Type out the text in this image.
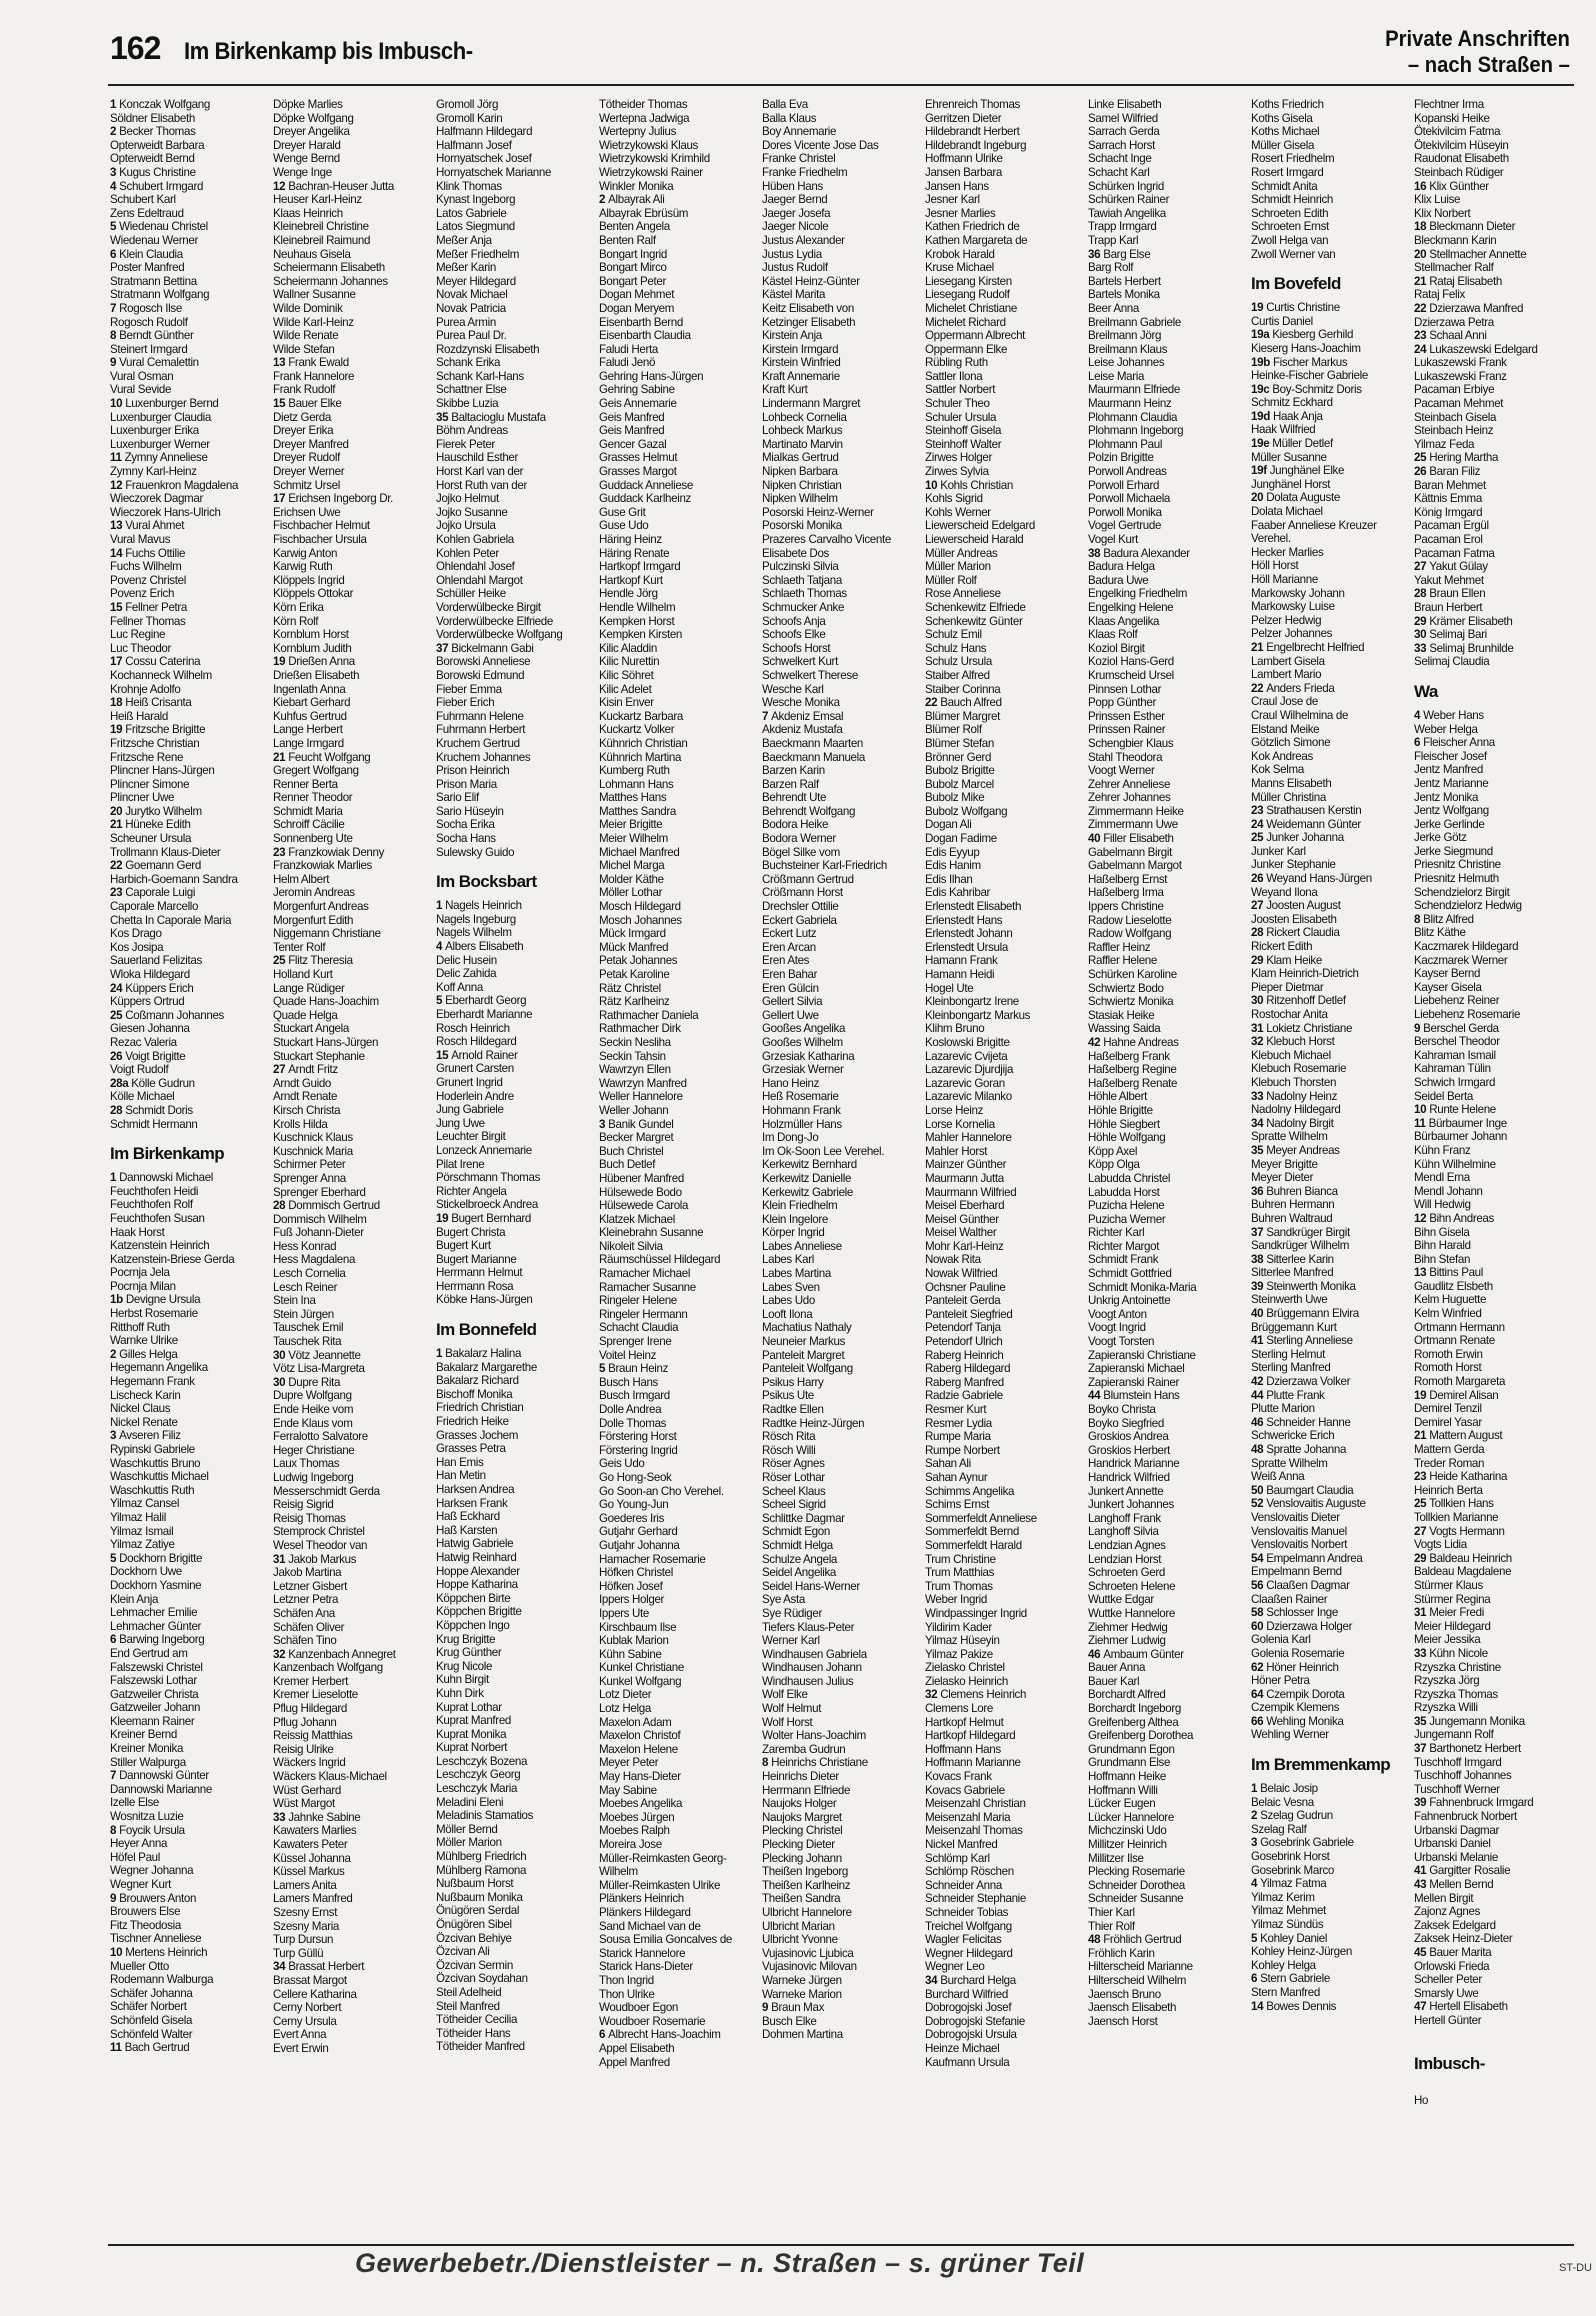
162 Im Birkenkamp bis Imbusch-	Private Anschriften
– nach Straßen –
1 Konczak Wolfgang
Söldner Elisabeth
2 Becker Thomas
Opterweidt Barbara
Opterweidt Bernd
3 Kugus Christine
4 Schubert Irmgard
Schubert Karl
Zens Edeltraud
5 Wiedenau Christel
Wiedenau Werner
6 Klein Claudia
Poster Manfred
Stratmann Bettina
Stratmann Wolfgang
7 Rogosch Ilse
Rogosch Rudolf
8 Berndt Günther
Steinert Irmgard
9 Vural Cemalettin
Vural Osman
Vural Sevide
10 Luxenburger Bernd
Luxenburger Claudia
Luxenburger Erika
Luxenburger Werner
11 Zymny Anneliese
Zymny Karl-Heinz
12 Frauenkron Magdalena
Wieczorek Dagmar
Wieczorek Hans-Ulrich
13 Vural Ahmet
Vural Mavus
14 Fuchs Ottilie
Fuchs Wilhelm
Povenz Christel
Povenz Erich
15 Fellner Petra
Fellner Thomas
Luc Regine
Luc Theodor
17 Cossu Caterina
Kochanneck Wilhelm
Krohnje Adolfo
18 Heiß Crisanta
Heiß Harald
19 Fritzsche Brigitte
Fritzsche Christian
Fritzsche Rene
Plincner Hans-Jürgen
Plincner Simone
Plincner Uwe
20 Jurytko Wilhelm
21 Hüneke Edith
Scheuner Ursula
Trollmann Klaus-Dieter
22 Goemann Gerd
Harbich-Goemann Sandra
23 Caporale Luigi
Caporale Marcello
Chetta In Caporale Maria
Kos Drago
Kos Josipa
Sauerland Felizitas
Wloka Hildegard
24 Küppers Erich
Küppers Ortrud
25 Coßmann Johannes
Giesen Johanna
Rezac Valeria
26 Voigt Brigitte
Voigt Rudolf
28a Kölle Gudrun
Kölle Michael
28 Schmidt Doris
Schmidt Hermann
Im Birkenkamp
1 Dannowski Michael
Feuchthofen Heidi
Feuchthofen Rolf
Feuchthofen Susan
Haak Horst
Katzenstein Heinrich
Katzenstein-Briese Gerda
Pocrnja Jela
Pocrnja Milan
1b Devigne Ursula
Herbst Rosemarie
Ritthoff Ruth
Warnke Ulrike
2 Gilles Helga
Hegemann Angelika
Hegemann Frank
Lischeck Karin
Nickel Claus
Nickel Renate
3 Avseren Filiz
Rypinski Gabriele
Waschkuttis Bruno
Waschkuttis Michael
Waschkuttis Ruth
Yilmaz Cansel
Yilmaz Halil
Yilmaz Ismail
Yilmaz Zatiye
5 Dockhorn Brigitte
Dockhorn Uwe
Dockhorn Yasmine
Klein Anja
Lehmacher Emilie
Lehmacher Günter
6 Barwing Ingeborg
End Gertrud am
Falszewski Christel
Falszewski Lothar
Gatzweiler Christa
Gatzweiler Johann
Kleemann Rainer
Kreiner Bernd
Kreiner Monika
Stiller Walpurga
7 Dannowski Günter
Dannowski Marianne
Izelle Else
Wosnitza Luzie
8 Foycik Ursula
Heyer Anna
Höfel Paul
Wegner Johanna
Wegner Kurt
9 Brouwers Anton
Brouwers Else
Fitz Theodosia
Tischner Anneliese
10 Mertens Heinrich
Mueller Otto
Rodemann Walburga
Schäfer Johanna
Schäfer Norbert
Schönfeld Gisela
Schönfeld Walter
11 Bach Gertrud
Döpke Marlies
Döpke Wolfgang
Dreyer Angelika
Dreyer Harald
Wenge Bernd
Wenge Inge
12 Bachran-Heuser Jutta
Heuser Karl-Heinz
Klaas Heinrich
Kleinebreil Christine
Kleinebreil Raimund
Neuhaus Gisela
Scheiermann Elisabeth
Scheiermann Johannes
Wallner Susanne
Wilde Dominik
Wilde Karl-Heinz
Wilde Renate
Wilde Stefan
13 Frank Ewald
Frank Hannelore
Frank Rudolf
15 Bauer Elke
Dietz Gerda
Dreyer Erika
Dreyer Manfred
Dreyer Rudolf
Dreyer Werner
Schmitz Ursel
17 Erichsen Ingeborg Dr.
Erichsen Uwe
Fischbacher Helmut
Fischbacher Ursula
Karwig Anton
Karwig Ruth
Klöppels Ingrid
Klöppels Ottokar
Körn Erika
Körn Rolf
Kornblum Horst
Kornblum Judith
19 Drießen Anna
Drießen Elisabeth
Ingenlath Anna
Kiebart Gerhard
Kuhfus Gertrud
Lange Herbert
Lange Irmgard
21 Feucht Wolfgang
Gregert Wolfgang
Renner Berta
Renner Theodor
Schmidt Maria
Schroiff Cäcilie
Sonnenberg Ute
23 Franzkowiak Denny
Franzkowiak Marlies
Helm Albert
Jeromin Andreas
Morgenfurt Andreas
Morgenfurt Edith
Niggemann Christiane
Tenter Rolf
25 Flitz Theresia
Holland Kurt
Lange Rüdiger
Quade Hans-Joachim
Quade Helga
Stuckart Angela
Stuckart Hans-Jürgen
Stuckart Stephanie
27 Arndt Fritz
Arndt Guido
Arndt Renate
Kirsch Christa
Krolls Hilda
Kuschnick Klaus
Kuschnick Maria
Schirmer Peter
Sprenger Anna
Sprenger Eberhard
28 Dommisch Gertrud
Dommisch Wilhelm
Fuß Johann-Dieter
Hess Konrad
Hess Magdalena
Lesch Cornelia
Lesch Reiner
Stein Ina
Stein Jürgen
Tauschek Emil
Tauschek Rita
30 Vötz Jeannette
Vötz Lisa-Margreta
30 Dupre Rita
Dupre Wolfgang
Ende Heike vom
Ende Klaus vom
Ferralotto Salvatore
Heger Christiane
Laux Thomas
Ludwig Ingeborg
Messerschmidt Gerda
Reisig Sigrid
Reisig Thomas
Stemprock Christel
Wesel Theodor van
31 Jakob Markus
Jakob Martina
Letzner Gisbert
Letzner Petra
Schäfen Ana
Schäfen Oliver
Schäfen Tino
32 Kanzenbach Annegret
Kanzenbach Wolfgang
Kremer Herbert
Kremer Lieselotte
Pflug Hildegard
Pflug Johann
Reissig Matthias
Reisig Ulrike
Wäckers Ingrid
Wäckers Klaus-Michael
Wüst Gerhard
Wüst Margot
33 Jahnke Sabine
Kawaters Marlies
Kawaters Peter
Küssel Johanna
Küssel Markus
Lamers Anita
Lamers Manfred
Szesny Ernst
Szesny Maria
Turp Dursun
Turp Güllü
34 Brassat Herbert
Brassat Margot
Cellere Katharina
Cerny Norbert
Cerny Ursula
Evert Anna
Evert Erwin
Gromoll Jörg
Gromoll Karin
Halfmann Hildegard
Halfmann Josef
Hornyatschek Josef
Hornyatschek Marianne
Klink Thomas
Kynast Ingeborg
Latos Gabriele
Latos Siegmund
Meßer Anja
Meßer Friedhelm
Meßer Karin
Meyer Hildegard
Novak Michael
Novak Patricia
Purea Armin
Purea Paul Dr.
Rozdzynski Elisabeth
Schank Erika
Schank Karl-Hans
Schattner Else
Skibbe Luzia
35 Baltacioglu Mustafa
Böhm Andreas
Fierek Peter
Hauschild Esther
Horst Karl van der
Horst Ruth van der
Jojko Helmut
Jojko Susanne
Jojko Ursula
Kohlen Gabriela
Kohlen Peter
Ohlendahl Josef
Ohlendahl Margot
Schüller Heike
Vorderwülbecke Birgit
Vorderwülbecke Elfriede
Vorderwülbecke Wolfgang
37 Bickelmann Gabi
Borowski Anneliese
Borowski Edmund
Fieber Emma
Fieber Erich
Fuhrmann Helene
Fuhrmann Herbert
Kruchem Gertrud
Kruchem Johannes
Prison Heinrich
Prison Maria
Sario Elif
Sario Hüseyin
Socha Erika
Socha Hans
Sulewsky Guido
Im Bocksbart
1 Nagels Heinrich
Nagels Ingeburg
Nagels Wilhelm
4 Albers Elisabeth
Delic Husein
Delic Zahida
Koff Anna
5 Eberhardt Georg
Eberhardt Marianne
Rosch Heinrich
Rosch Hildegard
15 Arnold Rainer
Grunert Carsten
Grunert Ingrid
Hoderlein Andre
Jung Gabriele
Jung Uwe
Leuchter Birgit
Lonzeck Annemarie
Pilat Irene
Pörschmann Thomas
Richter Angela
Stickelbroeck Andrea
19 Bugert Bernhard
Bugert Christa
Bugert Kurt
Bugert Marianne
Herrmann Helmut
Herrmann Rosa
Köbke Hans-Jürgen
Im Bonnefeld
1 Bakalarz Halina
Bakalarz Margarethe
Bakalarz Richard
Bischoff Monika
Friedrich Christian
Friedrich Heike
Grasses Jochem
Grasses Petra
Han Emis
Han Metin
Harksen Andrea
Harksen Frank
Haß Eckhard
Haß Karsten
Hatwig Gabriele
Hatwig Reinhard
Hoppe Alexander
Hoppe Katharina
Köppchen Birte
Köppchen Brigitte
Köppchen Ingo
Krug Brigitte
Krug Günther
Krug Nicole
Kuhn Birgit
Kuhn Dirk
Kuprat Lothar
Kuprat Manfred
Kuprat Monika
Kuprat Norbert
Leschczyk Bozena
Leschczyk Georg
Leschczyk Maria
Meladini Eleni
Meladinis Stamatios
Möller Bernd
Möller Marion
Mühlberg Friedrich
Mühlberg Ramona
Nußbaum Horst
Nußbaum Monika
Önügören Serdal
Önügören Sibel
Özcivan Behiye
Özcivan Ali
Özcivan Sermin
Özcivan Soydahan
Steil Adelheid
Steil Manfred
Tötheider Cecilia
Tötheider Hans
Tötheider Manfred
Tötheider Thomas
Wertepna Jadwiga
Wertepny Julius
Wietrzykowski Klaus
Wietrzykowski Krimhild
Wietrzykowski Rainer
Winkler Monika
2 Albayrak Ali
Albayrak Ebrüsüm
Benten Angela
Benten Ralf
Bongart Ingrid
Bongart Mirco
Bongart Peter
Dogan Mehmet
Dogan Meryem
Eisenbarth Bernd
Eisenbarth Claudia
Faludi Herta
Faludi Jenö
Gehring Hans-Jürgen
Gehring Sabine
Geis Annemarie
Geis Manfred
Geis Manfred
Gencer Gazal
Grasses Helmut
Grasses Margot
Guddack Anneliese
Guddack Karlheinz
Guse Grit
Guse Udo
Häring Heinz
Häring Renate
Hartkopf Irmgard
Hartkopf Kurt
Hendle Jörg
Hendle Wilhelm
Kempken Horst
Kempken Kirsten
Kilic Aladdin
Kilic Nurettin
Kilic Söhret
Kilic Adelet
Kisin Enver
Kuckartz Barbara
Kuckartz Volker
Kühnrich Christian
Kühnrich Martina
Kumberg Ruth
Lohmann Hans
Matthes Hans
Matthes Sandra
Meier Brigitte
Meier Wilhelm
Michael Manfred
Michel Marga
Molder Käthe
Möller Lothar
Mosch Hildegard
Mosch Johannes
Mück Irmgard
Mück Manfred
Petak Johannes
Petak Karoline
Rätz Christel
Rätz Karlheinz
Rathmacher Daniela
Rathmacher Dirk
Seckin Nesliha
Seckin Tahsin
Wawrzyn Ellen
Wawrzyn Manfred
Weller Hannelore
Weller Johann
3 Banik Gundel
Becker Margret
Buch Christel
Buch Detlef
Hübener Manfred
Hülsewede Bodo
Hülsewede Carola
Klatzek Michael
Kleinebrahn Susanne
Nikoleit Silvia
Räumschüssel Hildegard
Ramacher Michael
Ramacher Susanne
Ringeler Helene
Ringeler Hermann
Schacht Claudia
Sprenger Irene
Voitel Heinz
5 Braun Heinz
Busch Hans
Busch Irmgard
Dolle Andrea
Dolle Thomas
Förstering Horst
Förstering Ingrid
Geis Udo
Go Hong-Seok
Go Soon-an Cho Verehel.
Go Young-Jun
Goederes Iris
Gutjahr Gerhard
Gutjahr Johanna
Hamacher Rosemarie
Höfken Christel
Höfken Josef
Ippers Holger
Ippers Ute
Kirschbaum Ilse
Kublak Marion
Kühn Sabine
Kunkel Christiane
Kunkel Wolfgang
Lotz Dieter
Lotz Helga
Maxelon Adam
Maxelon Christof
Maxelon Helene
Meyer Peter
May Hans-Dieter
May Sabine
Moebes Angelika
Moebes Jürgen
Moebes Ralph
Moreira Jose
Müller-Reimkasten Georg-
Wilhelm
Müller-Reimkasten Ulrike
Plänkers Heinrich
Plänkers Hildegard
Sand Michael van de
Sousa Emilia Goncalves de
Starick Hannelore
Starick Hans-Dieter
Thon Ingrid
Thon Ulrike
Woudboer Egon
Woudboer Rosemarie
6 Albrecht Hans-Joachim
Appel Elisabeth
Appel Manfred
Balla Eva
Balla Klaus
Boy Annemarie
Dores Vicente Jose Das
Franke Christel
Franke Friedhelm
Hüben Hans
Jaeger Bernd
Jaeger Josefa
Jaeger Nicole
Justus Alexander
Justus Lydia
Justus Rudolf
Kästel Heinz-Günter
Kästel Marita
Keitz Elisabeth von
Ketzinger Elisabeth
Kirstein Anja
Kirstein Irmgard
Kirstein Winfried
Kraft Annemarie
Kraft Kurt
Lindermann Margret
Lohbeck Cornelia
Lohbeck Markus
Martinato Marvin
Mialkas Gertrud
Nipken Barbara
Nipken Christian
Nipken Wilhelm
Posorski Heinz-Werner
Posorski Monika
Prazeres Carvalho Vicente
Elisabete Dos
Pulczinski Silvia
Schlaeth Tatjana
Schlaeth Thomas
Schmucker Anke
Schoofs Anja
Schoofs Elke
Schoofs Horst
Schwelkert Kurt
Schwelkert Therese
Wesche Karl
Wesche Monika
7 Akdeniz Emsal
Akdeniz Mustafa
Baeckmann Maarten
Baeckmann Manuela
Barzen Karin
Barzen Ralf
Behrendt Ute
Behrendt Wolfgang
Bodora Heike
Bodora Werner
Bögel Silke vom
Buchsteiner Karl-Friedrich
Crößmann Gertrud
Crößmann Horst
Drechsler Ottilie
Eckert Gabriela
Eckert Lutz
Eren Arcan
Eren Ates
Eren Bahar
Eren Gülcin
Gellert Silvia
Gellert Uwe
Gooßes Angelika
Gooßes Wilhelm
Grzesiak Katharina
Grzesiak Werner
Hano Heinz
Heß Rosemarie
Hohmann Frank
Holzmüller Hans
Im Dong-Jo
Im Ok-Soon Lee Verehel.
Kerkewitz Bernhard
Kerkewitz Danielle
Kerkewitz Gabriele
Klein Friedhelm
Klein Ingelore
Körper Ingrid
Labes Anneliese
Labes Karl
Labes Martina
Labes Sven
Labes Udo
Looft Ilona
Machatius Nathaly
Neuneier Markus
Panteleit Margret
Panteleit Wolfgang
Psikus Harry
Psikus Ute
Radtke Ellen
Radtke Heinz-Jürgen
Rösch Rita
Rösch Willi
Röser Agnes
Röser Lothar
Scheel Klaus
Scheel Sigrid
Schlittke Dagmar
Schmidt Egon
Schmidt Helga
Schulze Angela
Seidel Angelika
Seidel Hans-Werner
Sye Asta
Sye Rüdiger
Tiefers Klaus-Peter
Werner Karl
Windhausen Gabriela
Windhausen Johann
Windhausen Julius
Wolf Elke
Wolf Helmut
Wolf Horst
Wolter Hans-Joachim
Zaremba Gudrun
8 Heinrichs Christiane
Heinrichs Dieter
Herrmann Elfriede
Naujoks Holger
Naujoks Margret
Plecking Christel
Plecking Dieter
Plecking Johann
Theißen Ingeborg
Theißen Karlheinz
Theißen Sandra
Ulbricht Hannelore
Ulbricht Marian
Ulbricht Yvonne
Vujasinovic Ljubica
Vujasinovic Milovan
Warneke Jürgen
Warneke Marion
9 Braun Max
Busch Elke
Dohmen Martina
Ehrenreich Thomas
Gerritzen Dieter
Hildebrandt Herbert
Hildebrandt Ingeburg
Hoffmann Ulrike
Jansen Barbara
Jansen Hans
Jesner Karl
Jesner Marlies
Kathen Friedrich de
Kathen Margareta de
Krobok Harald
Kruse Michael
Liesegang Kirsten
Liesegang Rudolf
Michelet Christiane
Michelet Richard
Oppermann Albrecht
Oppermann Elke
Rübling Ruth
Sattler Ilona
Sattler Norbert
Schuler Theo
Schuler Ursula
Steinhoff Gisela
Steinhoff Walter
Zirwes Holger
Zirwes Sylvia
10 Kohls Christian
Kohls Sigrid
Kohls Werner
Liewerscheid Edelgard
Liewerscheid Harald
Müller Andreas
Müller Marion
Müller Rolf
Rose Anneliese
Schenkewitz Elfriede
Schenkewitz Günter
Schulz Emil
Schulz Hans
Schulz Ursula
Staiber Alfred
Staiber Corinna
22 Bauch Alfred
Blümer Margret
Blümer Rolf
Blümer Stefan
Brönner Gerd
Bubolz Brigitte
Bubolz Marcel
Bubolz Mike
Bubolz Wolfgang
Dogan Ali
Dogan Fadime
Edis Eyyup
Edis Hanim
Edis Ilhan
Edis Kahribar
Erlenstedt Elisabeth
Erlenstedt Hans
Erlenstedt Johann
Erlenstedt Ursula
Hamann Frank
Hamann Heidi
Hogel Ute
Kleinbongartz Irene
Kleinbongartz Markus
Klihm Bruno
Koslowski Brigitte
Lazarevic Cvijeta
Lazarevic Djurdjija
Lazarevic Goran
Lazarevic Milanko
Lorse Heinz
Lorse Kornelia
Mahler Hannelore
Mahler Horst
Mainzer Günther
Maurmann Jutta
Maurmann Wilfried
Meisel Eberhard
Meisel Günther
Meisel Walther
Mohr Karl-Heinz
Nowak Rita
Nowak Wilfried
Ochsner Pauline
Panteleit Gerda
Panteleit Siegfried
Petendorf Tanja
Petendorf Ulrich
Raberg Heinrich
Raberg Hildegard
Raberg Manfred
Radzie Gabriele
Resmer Kurt
Resmer Lydia
Rumpe Maria
Rumpe Norbert
Sahan Ali
Sahan Aynur
Schimms Angelika
Schims Ernst
Sommerfeldt Anneliese
Sommerfeldt Bernd
Sommerfeldt Harald
Trum Christine
Trum Matthias
Trum Thomas
Weber Ingrid
Windpassinger Ingrid
Yildirim Kader
Yilmaz Hüseyin
Yilmaz Pakize
Zielasko Christel
Zielasko Heinrich
32 Clemens Heinrich
Clemens Lore
Hartkopf Helmut
Hartkopf Hildegard
Hoffmann Hans
Hoffmann Marianne
Kovacs Frank
Kovacs Gabriele
Meisenzahl Christian
Meisenzahl Maria
Meisenzahl Thomas
Nickel Manfred
Schlömp Karl
Schlömp Röschen
Schneider Anna
Schneider Stephanie
Schneider Tobias
Treichel Wolfgang
Wagler Felicitas
Wegner Hildegard
Wegner Leo
34 Burchard Helga
Burchard Wilfried
Dobrogojski Josef
Dobrogojski Stefanie
Dobrogojski Ursula
Heinze Michael
Kaufmann Ursula
Linke Elisabeth
Samel Wilfried
Sarrach Gerda
Sarrach Horst
Schacht Inge
Schacht Karl
Schürken Ingrid
Schürken Rainer
Tawiah Angelika
Trapp Irmgard
Trapp Karl
36 Barg Else
Barg Rolf
Bartels Herbert
Bartels Monika
Beer Anna
Breilmann Gabriele
Breilmann Jörg
Breilmann Klaus
Leise Johannes
Leise Maria
Maurmann Elfriede
Maurmann Heinz
Plohmann Claudia
Plohmann Ingeborg
Plohmann Paul
Polzin Brigitte
Porwoll Andreas
Porwoll Erhard
Porwoll Michaela
Porwoll Monika
Vogel Gertrude
Vogel Kurt
38 Badura Alexander
Badura Helga
Badura Uwe
Engelking Friedhelm
Engelking Helene
Klaas Angelika
Klaas Rolf
Koziol Birgit
Koziol Hans-Gerd
Krumscheid Ursel
Pinnsen Lothar
Popp Günther
Prinssen Esther
Prinssen Rainer
Schengbier Klaus
Stahl Theodora
Voogt Werner
Zehrer Anneliese
Zehrer Johannes
Zimmermann Heike
Zimmermann Uwe
40 Filler Elisabeth
Gabelmann Birgit
Gabelmann Margot
Haßelberg Ernst
Haßelberg Irma
Ippers Christine
Radow Lieselotte
Radow Wolfgang
Raffler Heinz
Raffler Helene
Schürken Karoline
Schwiertz Bodo
Schwiertz Monika
Stasiak Heike
Wassing Saida
42 Hahne Andreas
Haßelberg Frank
Haßelberg Regine
Haßelberg Renate
Höhle Albert
Höhle Brigitte
Höhle Siegbert
Höhle Wolfgang
Köpp Axel
Köpp Olga
Labudda Christel
Labudda Horst
Puzicha Helene
Puzicha Werner
Richter Karl
Richter Margot
Schmidt Frank
Schmidt Gottfried
Schmidt Monika-Maria
Unkrig Antoinette
Voogt Anton
Voogt Ingrid
Voogt Torsten
Zapieranski Christiane
Zapieranski Michael
Zapieranski Rainer
44 Blumstein Hans
Boyko Christa
Boyko Siegfried
Groskios Andrea
Groskios Herbert
Handrick Marianne
Handrick Wilfried
Junkert Annette
Junkert Johannes
Langhoff Frank
Langhoff Silvia
Lendzian Agnes
Lendzian Horst
Schroeten Gerd
Schroeten Helene
Wuttke Edgar
Wuttke Hannelore
Ziehmer Hedwig
Ziehmer Ludwig
46 Ambaum Günter
Bauer Anna
Bauer Karl
Borchardt Alfred
Borchardt Ingeborg
Greifenberg Althea
Greifenberg Dorothea
Grundmann Egon
Grundmann Else
Hoffmann Heike
Hoffmann Willi
Lücker Eugen
Lücker Hannelore
Michczinski Udo
Millitzer Heinrich
Millitzer Ilse
Plecking Rosemarie
Schneider Dorothea
Schneider Susanne
Thier Karl
Thier Rolf
48 Fröhlich Gertrud
Fröhlich Karin
Hilterscheid Marianne
Hilterscheid Wilhelm
Jaensch Bruno
Jaensch Elisabeth
Jaensch Horst
Koths Friedrich
Koths Gisela
Koths Michael
Müller Gisela
Rosert Friedhelm
Rosert Irmgard
Schmidt Anita
Schmidt Heinrich
Schroeten Edith
Schroeten Ernst
Zwoll Helga van
Zwoll Werner van
Im Bovefeld
19 Curtis Christine
Curtis Daniel
19a Kiesberg Gerhild
Kieserg Hans-Joachim
19b Fischer Markus
Heinke-Fischer Gabriele
19c Boy-Schmitz Doris
Schmitz Eckhard
19d Haak Anja
Haak Wilfried
19e Müller Detlef
Müller Susanne
19f Junghänel Elke
Junghänel Horst
20 Dolata Auguste
Dolata Michael
Faaber Anneliese Kreuzer
Verehel.
Hecker Marlies
Höll Horst
Höll Marianne
Markowsky Johann
Markowsky Luise
Pelzer Hedwig
Pelzer Johannes
21 Engelbrecht Helfried
Lambert Gisela
Lambert Mario
22 Anders Frieda
Craul Jose de
Craul Wilhelmina de
Elstand Meike
Götzlich Simone
Kok Andreas
Kok Selma
Manns Elisabeth
Müller Christina
23 Strathausen Kerstin
24 Weidemann Günter
25 Junker Johanna
Junker Karl
Junker Stephanie
26 Weyand Hans-Jürgen
Weyand Ilona
27 Joosten August
Joosten Elisabeth
28 Rickert Claudia
Rickert Edith
29 Klam Heike
Klam Heinrich-Dietrich
Pieper Dietmar
30 Ritzenhoff Detlef
Rostochar Anita
31 Lokietz Christiane
32 Klebuch Horst
Klebuch Michael
Klebuch Rosemarie
Klebuch Thorsten
33 Nadolny Heinz
Nadolny Hildegard
34 Nadolny Birgit
Spratte Wilhelm
35 Meyer Andreas
Meyer Brigitte
Meyer Dieter
36 Buhren Bianca
Buhren Hermann
Buhren Waltraud
37 Sandkrüger Birgit
Sandkrüger Wilhelm
38 Sitterlee Karin
Sitterlee Manfred
39 Steinwerth Monika
Steinwerth Uwe
40 Brüggemann Elvira
Brüggemann Kurt
41 Sterling Anneliese
Sterling Helmut
Sterling Manfred
42 Dzierzawa Volker
44 Plutte Frank
Plutte Marion
46 Schneider Hanne
Schwericke Erich
48 Spratte Johanna
Spratte Wilhelm
Weiß Anna
50 Baumgart Claudia
52 Venslovaitis Auguste
Venslovaitis Dieter
Venslovaitis Manuel
Venslovaitis Norbert
54 Empelmann Andrea
Empelmann Bernd
56 Claaßen Dagmar
Claaßen Rainer
58 Schlosser Inge
60 Dzierzawa Holger
Golenia Karl
Golenia Rosemarie
62 Höner Heinrich
Höner Petra
64 Czempik Dorota
Czempik Klemens
66 Wehling Monika
Wehling Werner
Im Bremmenkamp
1 Belaic Josip
Belaic Vesna
2 Szelag Gudrun
Szelag Ralf
3 Gosebrink Gabriele
Gosebrink Horst
Gosebrink Marco
4 Yilmaz Fatma
Yilmaz Kerim
Yilmaz Mehmet
Yilmaz Sündüs
5 Kohley Daniel
Kohley Heinz-Jürgen
Kohley Helga
6 Stern Gabriele
Stern Manfred
14 Bowes Dennis
Flechtner Irma
Kopanski Heike
Ötekivilcim Fatma
Ötekivilcim Hüseyin
Raudonat Elisabeth
Steinbach Rüdiger
16 Klix Günther
Klix Luise
Klix Norbert
18 Bleckmann Dieter
Bleckmann Karin
20 Stellmacher Annette
Stellmacher Ralf
21 Rataj Elisabeth
Rataj Felix
22 Dzierzawa Manfred
Dzierzawa Petra
23 Schaal Anni
24 Lukaszewski Edelgard
Lukaszewski Frank
Lukaszewski Franz
Pacaman Erbiye
Pacaman Mehmet
Steinbach Gisela
Steinbach Heinz
Yilmaz Feda
25 Hering Martha
26 Baran Filiz
Baran Mehmet
Kättnis Emma
König Irmgard
Pacaman Ergül
Pacaman Erol
Pacaman Fatma
27 Yakut Gülay
Yakut Mehmet
28 Braun Ellen
Braun Herbert
29 Krämer Elisabeth
30 Selimaj Bari
33 Selimaj Brunhilde
Selimaj Claudia
Wa
4 Weber Hans
Weber Helga
6 Fleischer Anna
Fleischer Josef
Jentz Manfred
Jentz Marianne
Jentz Monika
Jentz Wolfgang
Jerke Gerlinde
Jerke Götz
Jerke Siegmund
Priesnitz Christine
Priesnitz Helmuth
Schendzielorz Birgit
Schendzielorz Hedwig
8 Blitz Alfred
Blitz Käthe
Kaczmarek Hildegard
Kaczmarek Werner
Kayser Bernd
Kayser Gisela
Liebehenz Reiner
Liebehenz Rosemarie
9 Berschel Gerda
Berschel Theodor
Kahraman Ismail
Kahraman Tülin
Schwich Irmgard
Seidel Berta
10 Runte Helene
11 Bürbaumer Inge
Bürbaumer Johann
Kühn Franz
Kühn Wilhelmine
Mendl Erna
Mendl Johann
Will Hedwig
12 Bihn Andreas
Bihn Gisela
Bihn Harald
Bihn Stefan
13 Bittins Paul
Gaudlitz Elsbeth
Kelm Huguette
Kelm Winfried
Ortmann Hermann
Ortmann Renate
Romoth Erwin
Romoth Horst
Romoth Margareta
19 Demirel Alisan
Demirel Tenzil
Demirel Yasar
21 Mattern August
Mattern Gerda
Treder Roman
23 Heide Katharina
Heinrich Berta
25 Tollkien Hans
Tollkien Marianne
27 Vogts Hermann
Vogts Lidia
29 Baldeau Heinrich
Baldeau Magdalene
Stürmer Klaus
Stürmer Regina
31 Meier Fredi
Meier Hildegard
Meier Jessika
33 Kühn Nicole
Rzyszka Christine
Rzyszka Jörg
Rzyszka Thomas
Rzyszka Willi
35 Jungemann Monika
Jungemann Rolf
37 Barthonetz Herbert
Tuschhoff Irmgard
Tuschhoff Johannes
Tuschhoff Werner
39 Fahnenbruck Irmgard
Fahnenbruck Norbert
Urbanski Dagmar
Urbanski Daniel
Urbanski Melanie
41 Gargitter Rosalie
43 Mellen Bernd
Mellen Birgit
Zajonz Agnes
Zaksek Edelgard
Zaksek Heinz-Dieter
45 Bauer Marita
Orlowski Frieda
Scheller Peter
Smarsly Uwe
47 Hertell Elisabeth
Hertell Günter
Imbusch-
Ho
Gewerbebetr./Dienstleister – n. Straßen – s. grüner Teil	ST-DU
